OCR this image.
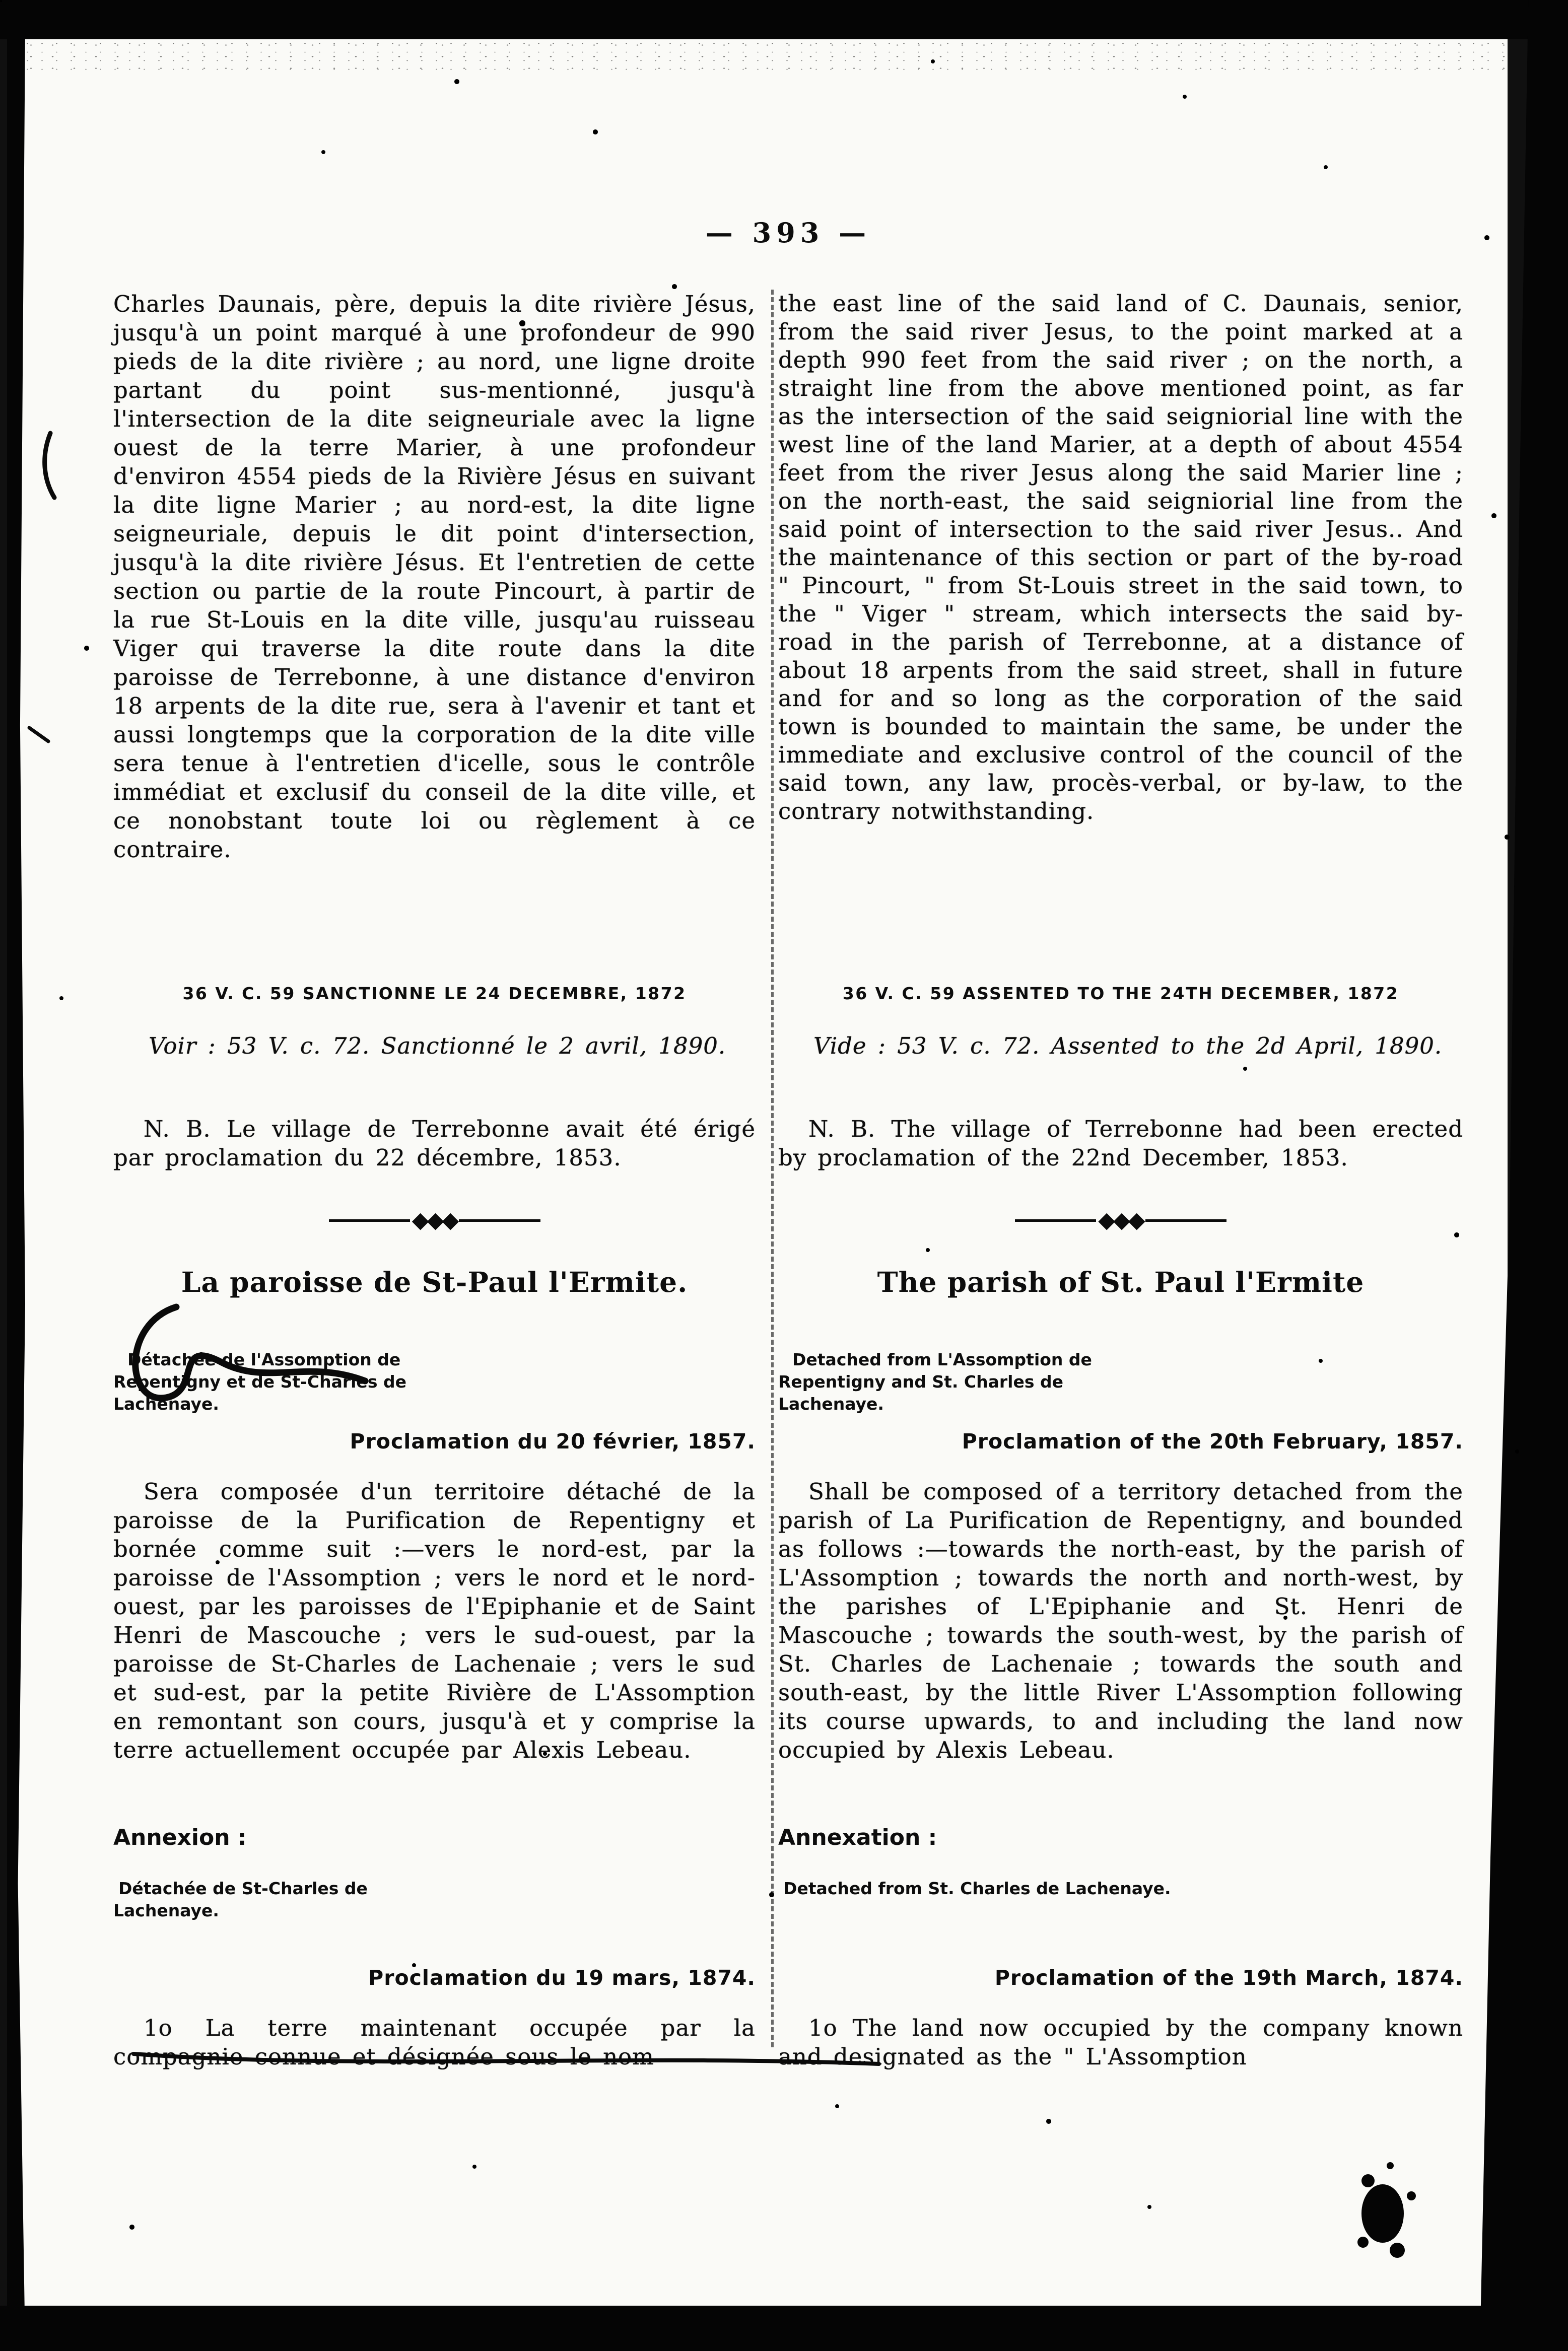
— 393 —

Charles Daunais, père, depuis la dite rivière Jésus, jusqu'à un point marqué à une profondeur de 990 pieds de la dite rivière ; au nord, une ligne droite partant du point sus-mentionné, jusqu'à l'intersection de la dite seigneuriale avec la ligne ouest de la terre Marier, à une profondeur d'environ 4554 pieds de la Rivière Jésus en suivant la dite ligne Marier ; au nord-est, la dite ligne seigneuriale, depuis le dit point d'intersection, jusqu'à la dite rivière Jésus. Et l'entretien de cette section ou partie de la route Pincourt, à partir de la rue St-Louis en la dite ville, jusqu'au ruisseau Viger qui traverse la dite route dans la dite paroisse de Terrebonne, à une distance d'environ 18 arpents de la dite rue, sera à l'avenir et tant et aussi longtemps que la corporation de la dite ville sera tenue à l'entretien d'icelle, sous le contrôle immédiat et exclusif du conseil de la dite ville, et ce nonobstant toute loi ou règlement à ce contraire.

36 V. C. 59 SANCTIONNE LE 24 DECEMBRE, 1872

Voir : 53 V. c. 72. Sanctionné le 2 avril, 1890.

N. B. Le village de Terrebonne avait été érigé par proclamation du 22 décembre, 1853.

◆◆◆
La paroisse de St-Paul l'Ermite.
Détachée de l'Assomption de Repentigny et de St-Charles de Lachenaye.
Proclamation du 20 février, 1857.

Sera composée d'un territoire détaché de la paroisse de la Purification de Repentigny et bornée comme suit :—vers le nord-est, par la paroisse de l'Assomption ; vers le nord et le nord-ouest, par les paroisses de l'Epiphanie et de Saint Henri de Mascouche ; vers le sud-ouest, par la paroisse de St-Charles de Lachenaie ; vers le sud et sud-est, par la petite Rivière de L'Assomption en remontant son cours, jusqu'à et y comprise la terre actuellement occupée par Alexis Lebeau.

Annexion :
Détachée de St-Charles de Lachenaye.
Proclamation du 19 mars, 1874.

1o La terre maintenant occupée par la compagnie connue et désignée sous le nom

the east line of the said land of C. Daunais, senior, from the said river Jesus, to the point marked at a depth 990 feet from the said river ; on the north, a straight line from the above mentioned point, as far as the intersection of the said seigniorial line with the west line of the land Marier, at a depth of about 4554 feet from the river Jesus along the said Marier line ; on the north-east, the said seigniorial line from the said point of intersection to the said river Jesus.. And the maintenance of this section or part of the by-road " Pincourt, " from St-Louis street in the said town, to the " Viger " stream, which intersects the said by-road in the parish of Terrebonne, at a distance of about 18 arpents from the said street, shall in future and for and so long as the corporation of the said town is bounded to maintain the same, be under the immediate and exclusive control of the council of the said town, any law, procès-verbal, or by-law, to the contrary notwithstanding.

36 V. C. 59 ASSENTED TO THE 24TH DECEMBER, 1872

Vide : 53 V. c. 72. Assented to the 2d April, 1890.

N. B. The village of Terrebonne had been erected by proclamation of the 22nd December, 1853.

◆◆◆
The parish of St. Paul l'Ermite
Detached from L'Assomption de Repentigny and St. Charles de Lachenaye.
Proclamation of the 20th February, 1857.

Shall be composed of a territory detached from the parish of La Purification de Repentigny, and bounded as follows :—towards the north-east, by the parish of L'Assomption ; towards the north and north-west, by the parishes of L'Epiphanie and St. Henri de Mascouche ; towards the south-west, by the parish of St. Charles de Lachenaie ; towards the south and south-east, by the little River L'Assomption following its course upwards, to and including the land now occupied by Alexis Lebeau.

Annexation :
Detached from St. Charles de Lachenaye.
Proclamation of the 19th March, 1874.

1o The land now occupied by the company known and designated as the " L'Assomption
